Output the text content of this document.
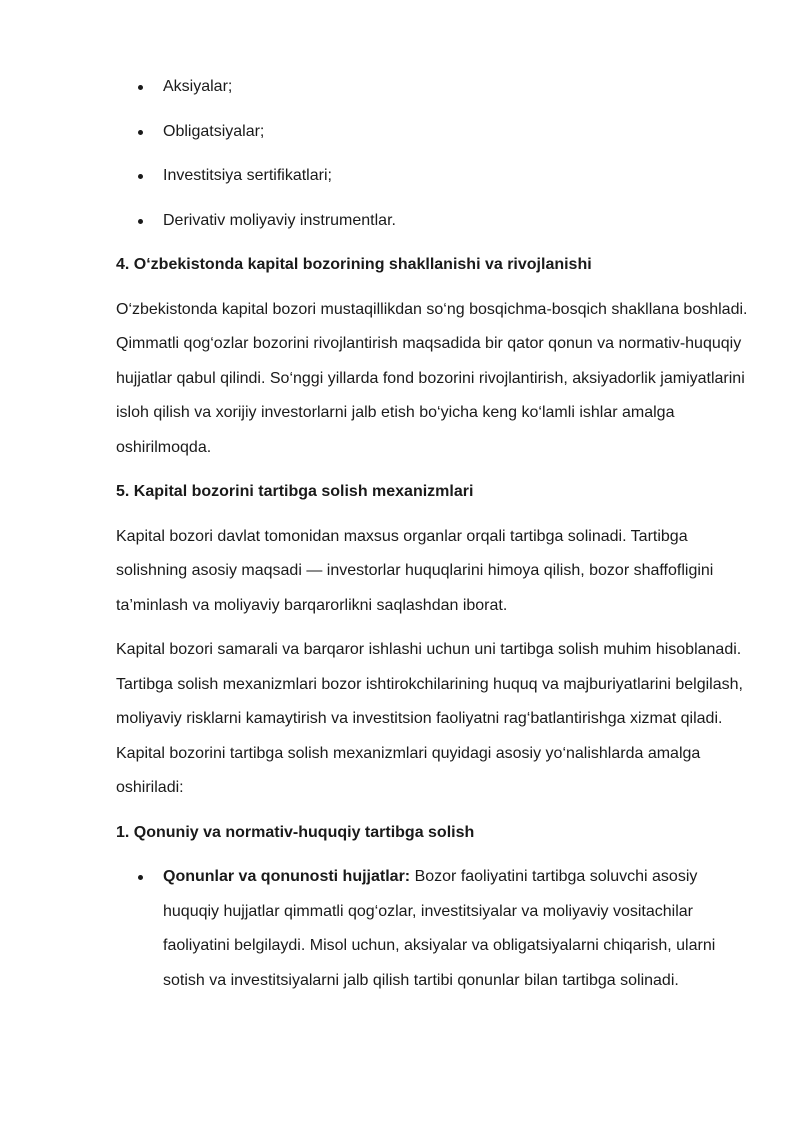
Aksiyalar;
Obligatsiyalar;
Investitsiya sertifikatlari;
Derivativ moliyaviy instrumentlar.
4. O‘zbekistonda kapital bozorining shakllanishi va rivojlanishi

O‘zbekistonda kapital bozori mustaqillikdan so‘ng bosqichma-bosqich shakllana boshladi. Qimmatli qog‘ozlar bozorini rivojlantirish maqsadida bir qator qonun va normativ-huquqiy hujjatlar qabul qilindi. So‘nggi yillarda fond bozorini rivojlantirish, aksiyadorlik jamiyatlarini isloh qilish va xorijiy investorlarni jalb etish bo‘yicha keng ko‘lamli ishlar amalga oshirilmoqda.

5. Kapital bozorini tartibga solish mexanizmlari

Kapital bozori davlat tomonidan maxsus organlar orqali tartibga solinadi. Tartibga solishning asosiy maqsadi — investorlar huquqlarini himoya qilish, bozor shaffofligini ta’minlash va moliyaviy barqarorlikni saqlashdan iborat.

Kapital bozori samarali va barqaror ishlashi uchun uni tartibga solish muhim hisoblanadi. Tartibga solish mexanizmlari bozor ishtirokchilarining huquq va majburiyatlarini belgilash, moliyaviy risklarni kamaytirish va investitsion faoliyatni rag‘batlantirishga xizmat qiladi. Kapital bozorini tartibga solish mexanizmlari quyidagi asosiy yo‘nalishlarda amalga oshiriladi:

1. Qonuniy va normativ-huquqiy tartibga solish
Qonunlar va qonunosti hujjatlar: Bozor faoliyatini tartibga soluvchi asosiy huquqiy hujjatlar qimmatli qog‘ozlar, investitsiyalar va moliyaviy vositachilar faoliyatini belgilaydi. Misol uchun, aksiyalar va obligatsiyalarni chiqarish, ularni sotish va investitsiyalarni jalb qilish tartibi qonunlar bilan tartibga solinadi.
